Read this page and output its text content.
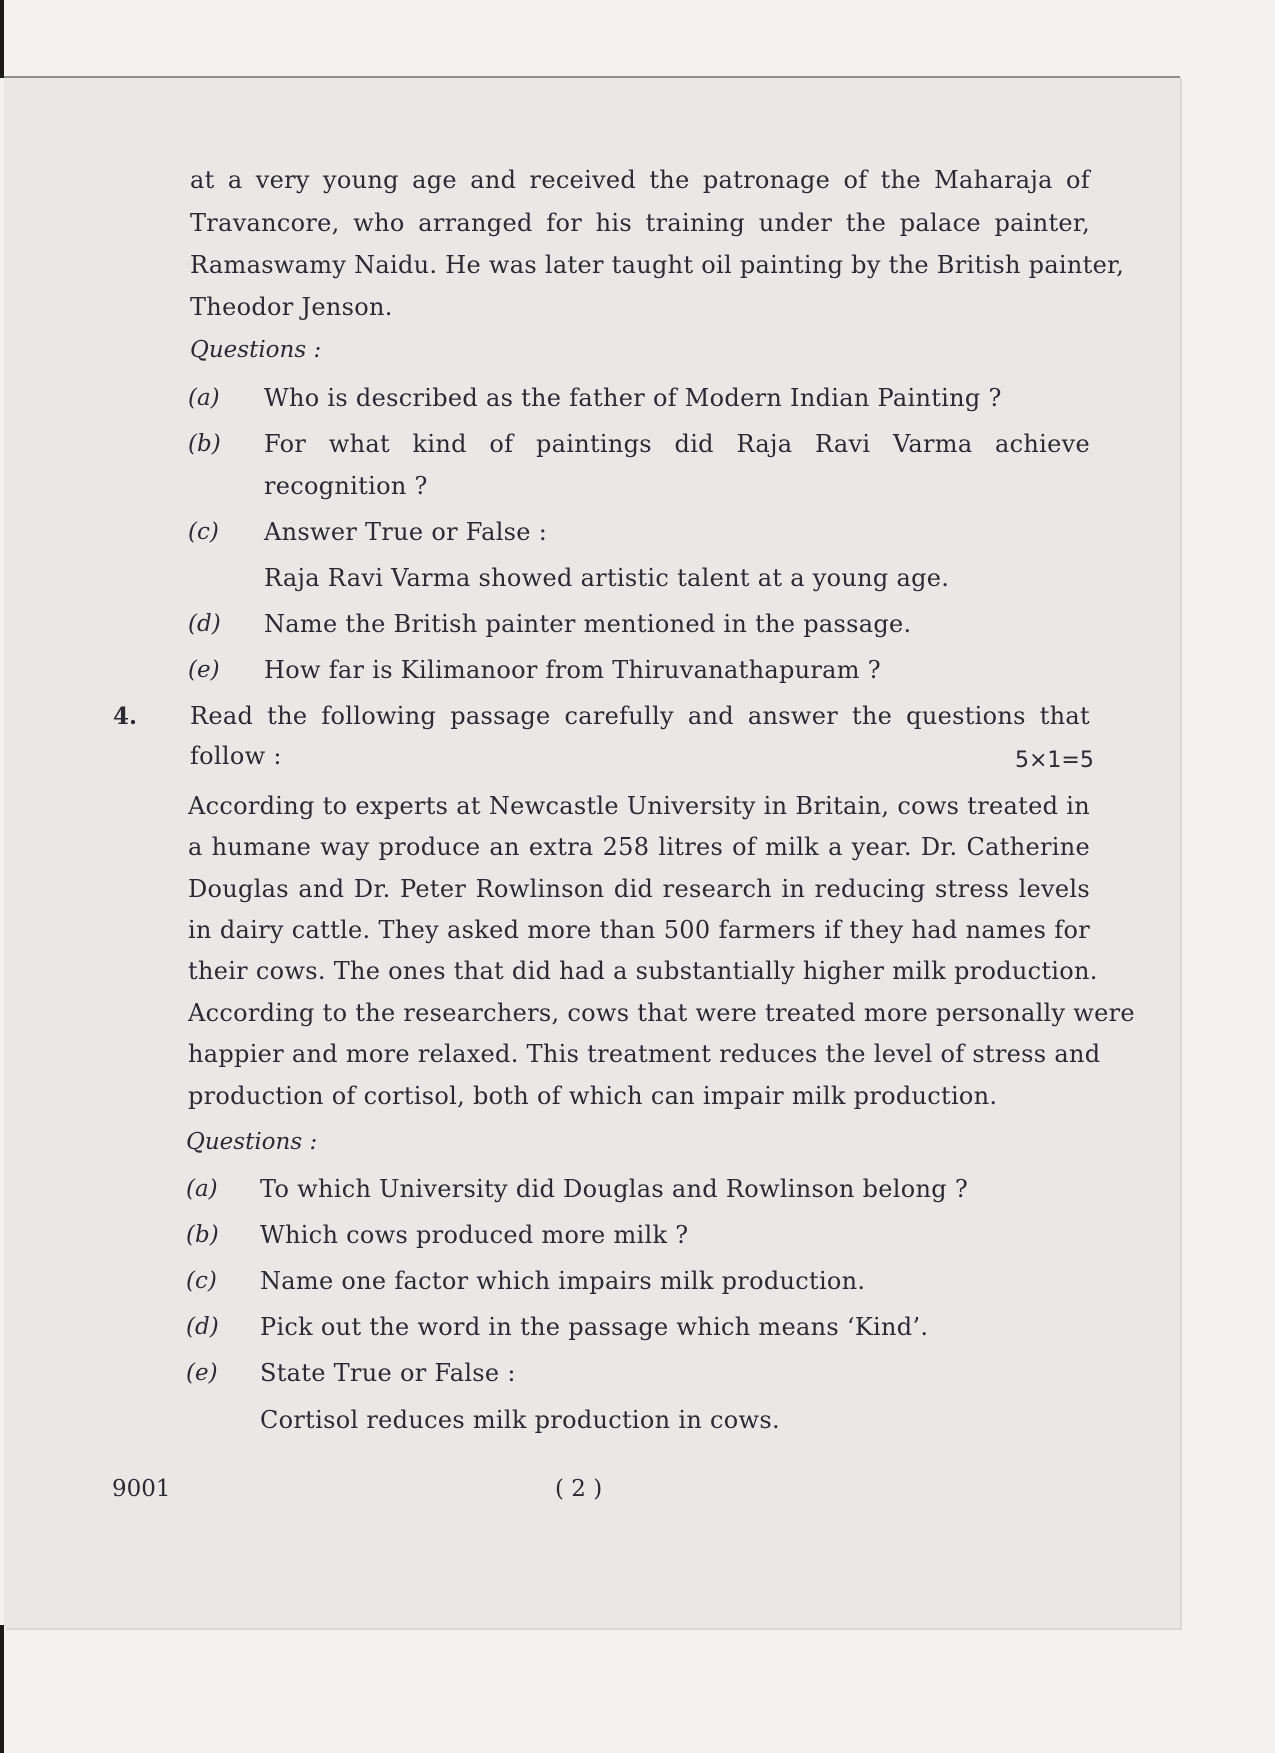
at a very young age and received the patronage of the Maharaja of
Travancore, who arranged for his training under the palace painter,
Ramaswamy Naidu. He was later taught oil painting by the British painter,
Theodor Jenson.
Questions :
(a) Who is described as the father of Modern Indian Painting ?
(b) For what kind of paintings did Raja Ravi Varma achieve
recognition ?
(c) Answer True or False :
Raja Ravi Varma showed artistic talent at a young age.
(d) Name the British painter mentioned in the passage.
(e) How far is Kilimanoor from Thiruvanathapuram ?
4. Read the following passage carefully and answer the questions that
follow :	5×1=5
According to experts at Newcastle University in Britain, cows treated in
a humane way produce an extra 258 litres of milk a year. Dr. Catherine
Douglas and Dr. Peter Rowlinson did research in reducing stress levels
in dairy cattle. They asked more than 500 farmers if they had names for
their cows. The ones that did had a substantially higher milk production.
According to the researchers, cows that were treated more personally were
happier and more relaxed. This treatment reduces the level of stress and
production of cortisol, both of which can impair milk production.
Questions :
(a) To which University did Douglas and Rowlinson belong ?
(b) Which cows produced more milk ?
(c) Name one factor which impairs milk production.
(d) Pick out the word in the passage which means ‘Kind’.
(e) State True or False :
Cortisol reduces milk production in cows.
9001	( 2 )
